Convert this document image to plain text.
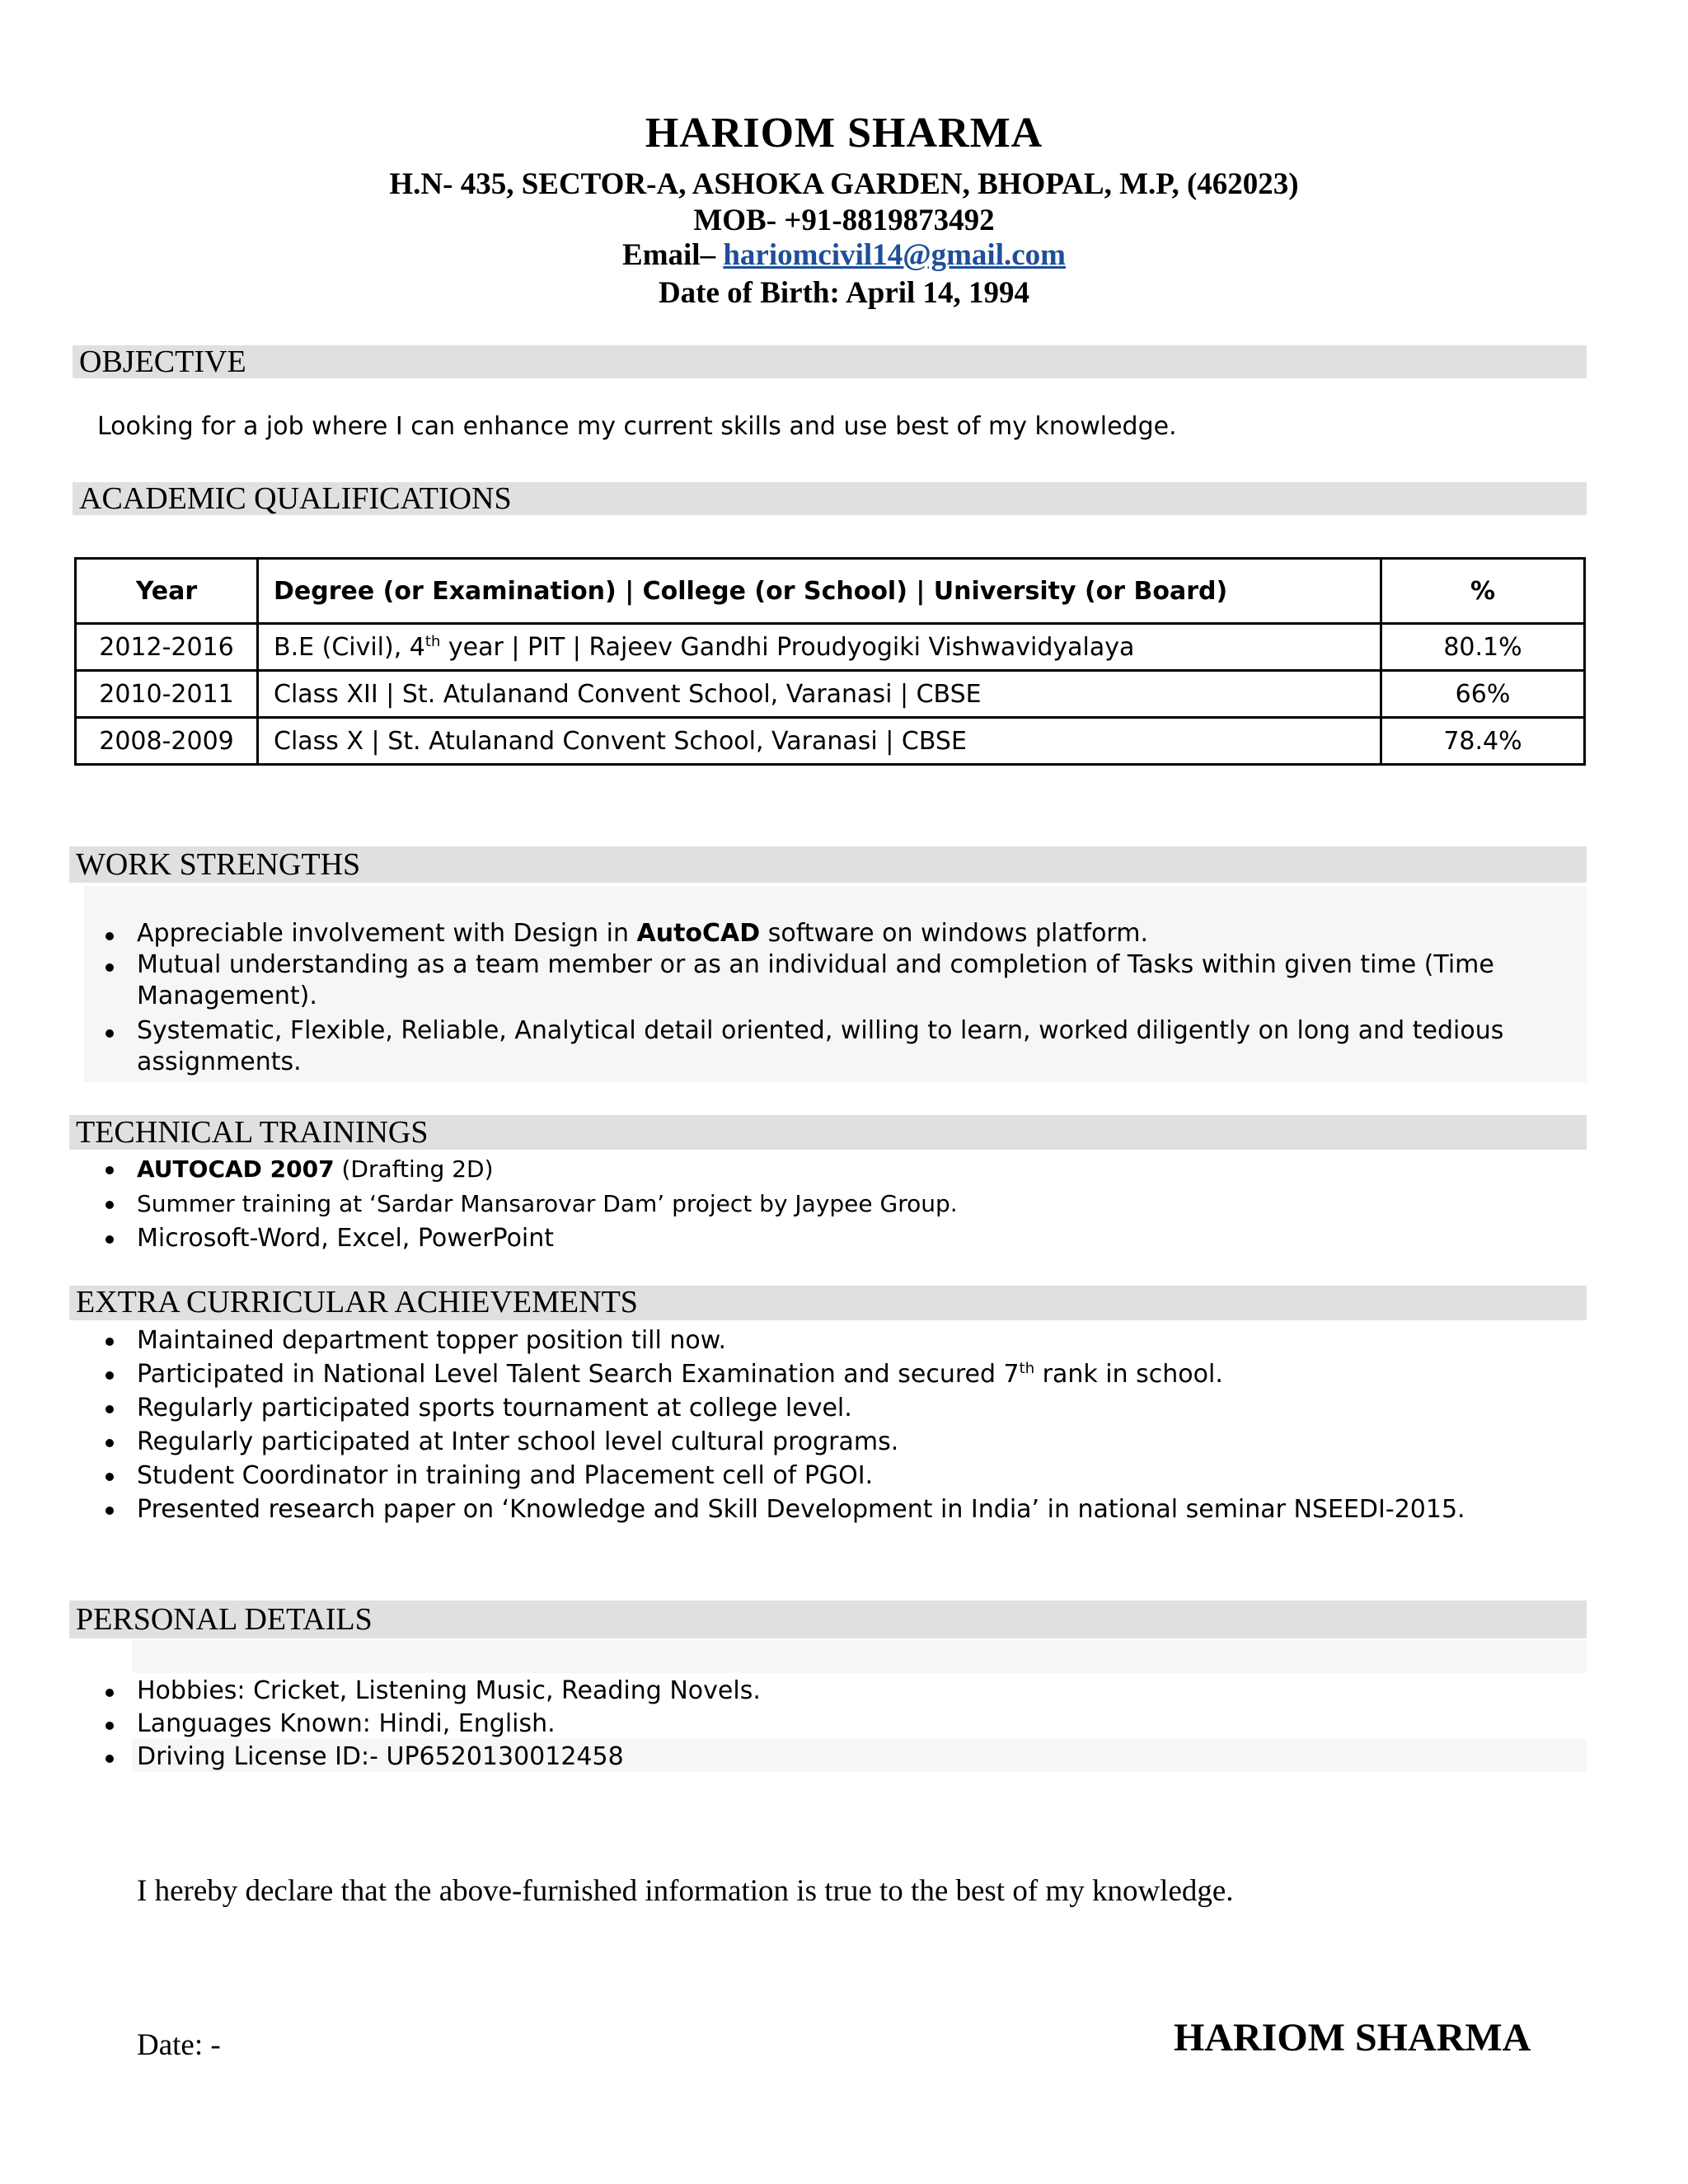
HARIOM SHARMA
H.N- 435, SECTOR-A, ASHOKA GARDEN, BHOPAL, M.P, (462023)
MOB- +91-8819873492
Email– hariomcivil14@gmail.com
Date of Birth: April 14, 1994
OBJECTIVE
Looking for a job where I can enhance my current skills and use best of my knowledge.
ACADEMIC QUALIFICATIONS
Year	Degree (or Examination) | College (or School) | University (or Board)	%
2012-2016	B.E (Civil), 4th year | PIT | Rajeev Gandhi Proudyogiki Vishwavidyalaya	80.1%
2010-2011	Class XII | St. Atulanand Convent School, Varanasi | CBSE	66%
2008-2009	Class X | St. Atulanand Convent School, Varanasi | CBSE	78.4%
WORK STRENGTHS
Appreciable involvement with Design in AutoCAD software on windows platform.
Mutual understanding as a team member or as an individual and completion of Tasks within given time (Time
Management).
Systematic, Flexible, Reliable, Analytical detail oriented, willing to learn, worked diligently on long and tedious
assignments.
TECHNICAL TRAININGS
AUTOCAD 2007 (Drafting 2D)
Summer training at ‘Sardar Mansarovar Dam’ project by Jaypee Group.
Microsoft-Word, Excel, PowerPoint
EXTRA CURRICULAR ACHIEVEMENTS
Maintained department topper position till now.
Participated in National Level Talent Search Examination and secured 7th rank in school.
Regularly participated sports tournament at college level.
Regularly participated at Inter school level cultural programs.
Student Coordinator in training and Placement cell of PGOI.
Presented research paper on ‘Knowledge and Skill Development in India’ in national seminar NSEEDI-2015.
PERSONAL DETAILS
Hobbies: Cricket, Listening Music, Reading Novels.
Languages Known: Hindi, English.
Driving License ID:- UP6520130012458
I hereby declare that the above-furnished information is true to the best of my knowledge.
Date: -	HARIOM SHARMA
